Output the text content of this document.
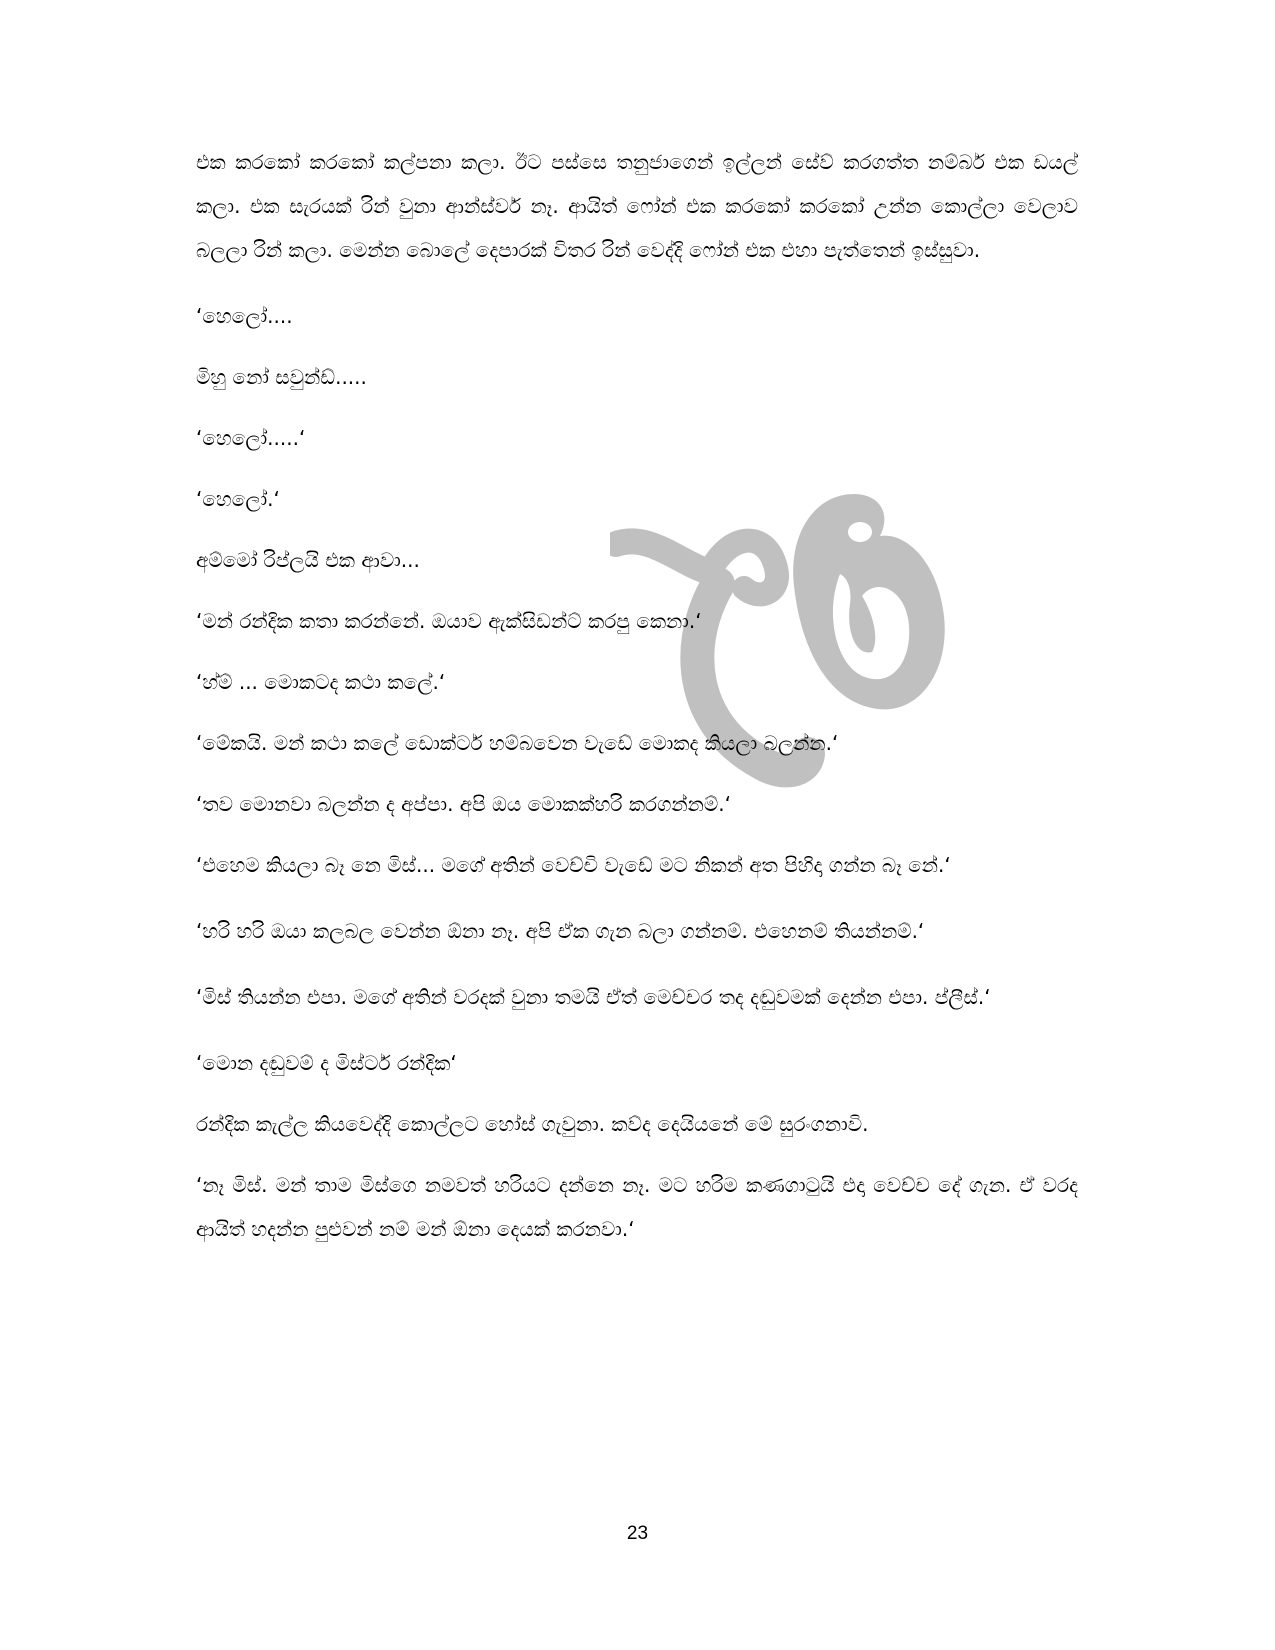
එක කරකෝ කරකෝ කල්පනා කලා. ඊට පස්සෙ තනුජාගෙන් ඉල්ලන් සේව් කරගත්ත නම්බර් එක ඩයල් කලා. එක සැරයක් රින් වුනා ආන්ස්වර් නෑ. ආයිත් ෆෝන් එක කරකෝ කරකෝ උන්න කොල්ලා වෙලාව බලලා රින් කලා. මෙන්න බොලේ දෙපාරක් විතර රින් වෙද්දි ෆෝන් එක එහා පැත්තෙන් ඉස්සුවා.

‘හෙලෝ....

මිහු නෝ සවුන්ඩ්.....

‘හෙලෝ.....‘

‘හෙලෝ.‘

අම්මෝ රිප්ලයි එක ආවා...

‘මන් රන්දික කතා කරන්නේ. ඔයාව ඇක්සිඩන්ට් කරපු කෙනා.‘

‘හ්ම් ... මොකටද කථා කලේ.‘

‘මේකයි. මන් කථා කලේ ඩොක්ටර් හම්බවෙන වැඩේ මොකද කියලා බලන්න.‘

‘තව මොනවා බලන්න ද අප්පා. අපි ඔය මොකක්හරි කරගන්නම්.‘

‘එහෙම කියලා බෑ නෙ මිස්... මගේ අතින් වෙච්චි වැඩේ මට නිකන් අත පිහිදා ගන්න බෑ නේ.‘

‘හරි හරි ඔයා කලබල වෙන්න ඕනා නෑ. අපි ඒක ගැන බලා ගන්නම්. එහෙනම් තියන්නම්.‘

‘මිස් තියන්න එපා. මගේ අතින් වරදක් වුනා තමයි ඒත් මෙච්චර තද දඬුවමක් දෙන්න එපා. ප්ලීස්.‘

‘මොන දඬුවම් ද මිස්ටර් රන්දික‘

රන්දික කැල්ල කියවෙද්දි කොල්ලට හෝස් ගැවුනා. කව්ද දෙයියනේ මේ සුරංගනාවි.

‘නෑ මිස්. මන් තාම මිස්ගෙ නමවත් හරියට දන්නෙ නෑ. මට හරිම කණගාටුයි එදා වෙච්ච දේ ගැන. ඒ වරද ආයිත් හදන්න පුළුවන් නම් මන් ඕනා දෙයක් කරනවා.‘

23
